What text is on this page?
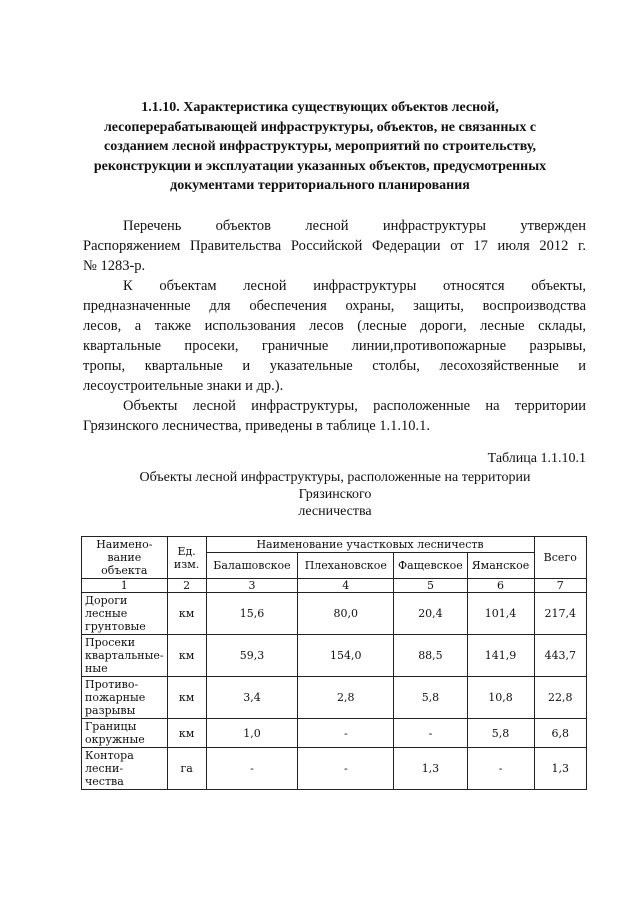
1.1.10. Характеристика существующих объектов лесной,
лесоперерабатывающей инфраструктуры, объектов, не связанных с
созданием лесной инфраструктуры, мероприятий по строительству,
реконструкции и эксплуатации указанных объектов, предусмотренных
документами территориального планирования
Перечень объектов лесной инфраструктуры утвержден
Распоряжением Правительства Российской Федерации от 17 июля 2012 г.
№ 1283-р.
К объектам лесной инфраструктуры относятся объекты,
предназначенные для обеспечения охраны, защиты, воспроизводства
лесов, а также использования лесов (лесные дороги, лесные склады,
квартальные просеки, граничные линии,противопожарные разрывы,
тропы, квартальные и указательные столбы, лесохозяйственные и
лесоустроительные знаки и др.).
Объекты лесной инфраструктуры, расположенные на территории
Грязинского лесничества, приведены в таблице 1.1.10.1.
Таблица 1.1.10.1
Объекты лесной инфраструктуры, расположенные на территории
Грязинского
лесничества
Наимено-
вание
объекта	Ед.
изм.	Наименование участковых лесничеств				Всего
		Балашовское	Плехановское	Фащевское	Яманское	
1	2	3	4	5	6	7
Дороги
лесные
грунтовые	км	15,6	80,0	20,4	101,4	217,4
Просеки
квартальные-
ные	км	59,3	154,0	88,5	141,9	443,7
Противо-
пожарные
разрывы	км	3,4	2,8	5,8	10,8	22,8
Границы
окружные	км	1,0	-	-	5,8	6,8
Контора
лесни-
чества	га	-	-	1,3	-	1,3
